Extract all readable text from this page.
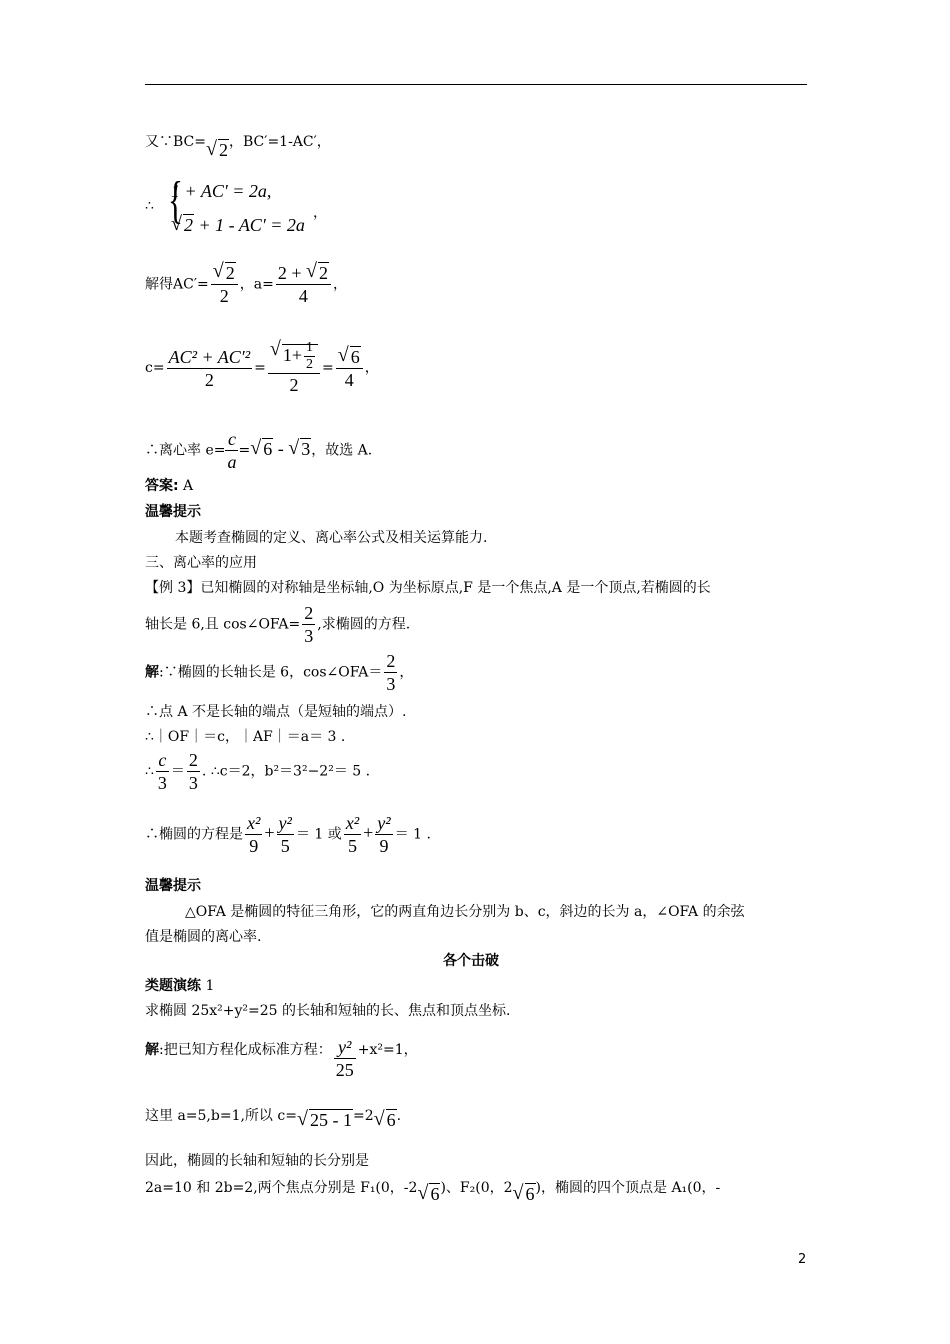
又∵BC= √ 2，BC′=1-AC′，
∴ {
1 + AC′ = 2a,
√ 2 + 1 - AC′ = 2a
，
解得AC′= √ $\frac{2}{2}$ ，$a= \frac{2 + √ 2}{4}$ ，
$c= \frac{\text{AC² + AC′²}}{2}$ = √ $\frac{1+ \frac{1}{2}}{2}$ = √ $\frac{6}{4}$ ，
∴离心率 $e= \frac{c}{a}$ = √ 6 - √ 3，故选 A.
答案: A
温馨提示
本题考查椭圆的定义、离心率公式及相关运算能力.
三、离心率的应用
【例 3】已知椭圆的对称轴是坐标轴,O 为坐标原点,F 是一个焦点,A 是一个顶点,若椭圆的长
轴长是 6,且 cos∠OFA= $\frac{2}{3}$ ,求椭圆的方程.
解:∵椭圆的长轴长是 6，cos∠OFA＝ $\frac{2}{3}$ ，
∴点 A 不是长轴的端点（是短轴的端点）.
∴｜OF｜＝c，｜AF｜＝a＝ 3 .
∴ $\frac{c}{3} = \frac{2}{3}$ . ∴c＝2，b²＝3²−2²＝ 5 .
∴椭圆的方程是 $\frac{\text{x²}}{9} + \frac{\text{y²}}{5} = 1$ 或 $\frac{\text{x²}}{5} + \frac{\text{y²}}{9} = 1$ .
温馨提示
△OFA 是椭圆的特征三角形，它的两直角边长分别为 b、c，斜边的长为 a，∠OFA 的余弦
值是椭圆的离心率.
各个击破
类题演练 1
求椭圆 25x²+y²=25 的长轴和短轴的长、焦点和顶点坐标.
解:把已知方程化成标准方程： $\frac{\text{y²}}{25} +x^2=1$，
这里 a=5,b=1,所以 c= √ 25 - 1=2 √ 6.
因此，椭圆的长轴和短轴的长分别是
2a=10 和 2b=2,两个焦点分别是 F₁(0，-2 √ 6)、F₂(0，2 √ 6)，椭圆的四个顶点是 A₁(0，-
2
